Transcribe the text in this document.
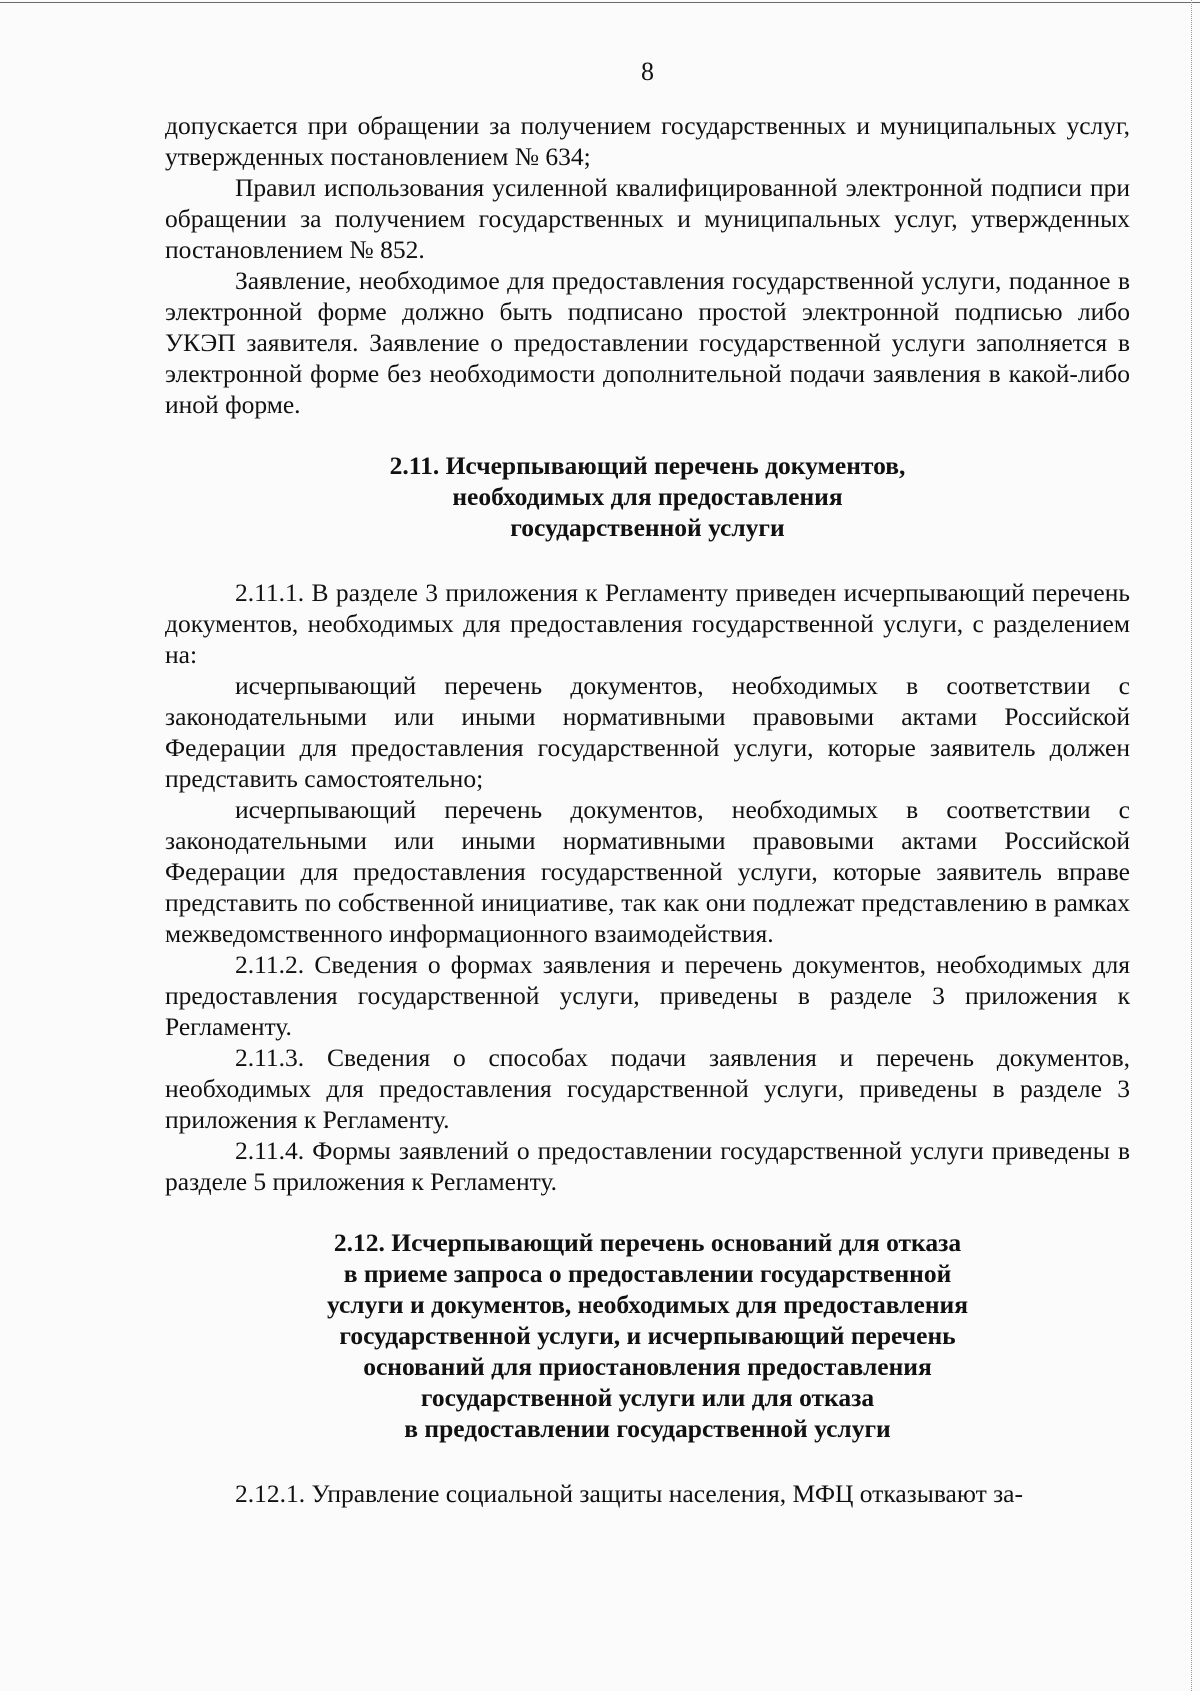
8

допускается при обращении за получением государственных и муниципальных услуг, утвержденных постановлением № 634;

Правил использования усиленной квалифицированной электронной подписи при обращении за получением государственных и муниципальных услуг, утвержденных постановлением № 852.

Заявление, необходимое для предоставления государственной услуги, поданное в электронной форме должно быть подписано простой электронной подписью либо УКЭП заявителя. Заявление о предоставлении государственной услуги заполняется в электронной форме без необходимости дополнительной подачи заявления в какой-либо иной форме.

2.11. Исчерпывающий перечень документов,
необходимых для предоставления
государственной услуги

2.11.1. В разделе 3 приложения к Регламенту приведен исчерпывающий перечень документов, необходимых для предоставления государственной услуги, с разделением на:

исчерпывающий перечень документов, необходимых в соответствии с законодательными или иными нормативными правовыми актами Российской Федерации для предоставления государственной услуги, которые заявитель должен представить самостоятельно;

исчерпывающий перечень документов, необходимых в соответствии с законодательными или иными нормативными правовыми актами Российской Федерации для предоставления государственной услуги, которые заявитель вправе представить по собственной инициативе, так как они подлежат представлению в рамках межведомственного информационного взаимодействия.

2.11.2. Сведения о формах заявления и перечень документов, необходимых для предоставления государственной услуги, приведены в разделе 3 приложения к Регламенту.

2.11.3. Сведения о способах подачи заявления и перечень документов, необходимых для предоставления государственной услуги, приведены в разделе 3 приложения к Регламенту.

2.11.4. Формы заявлений о предоставлении государственной услуги приведены в разделе 5 приложения к Регламенту.

2.12. Исчерпывающий перечень оснований для отказа
в приеме запроса о предоставлении государственной
услуги и документов, необходимых для предоставления
государственной услуги, и исчерпывающий перечень
оснований для приостановления предоставления
государственной услуги или для отказа
в предоставлении государственной услуги

2.12.1. Управление социальной защиты населения, МФЦ отказывают за-
